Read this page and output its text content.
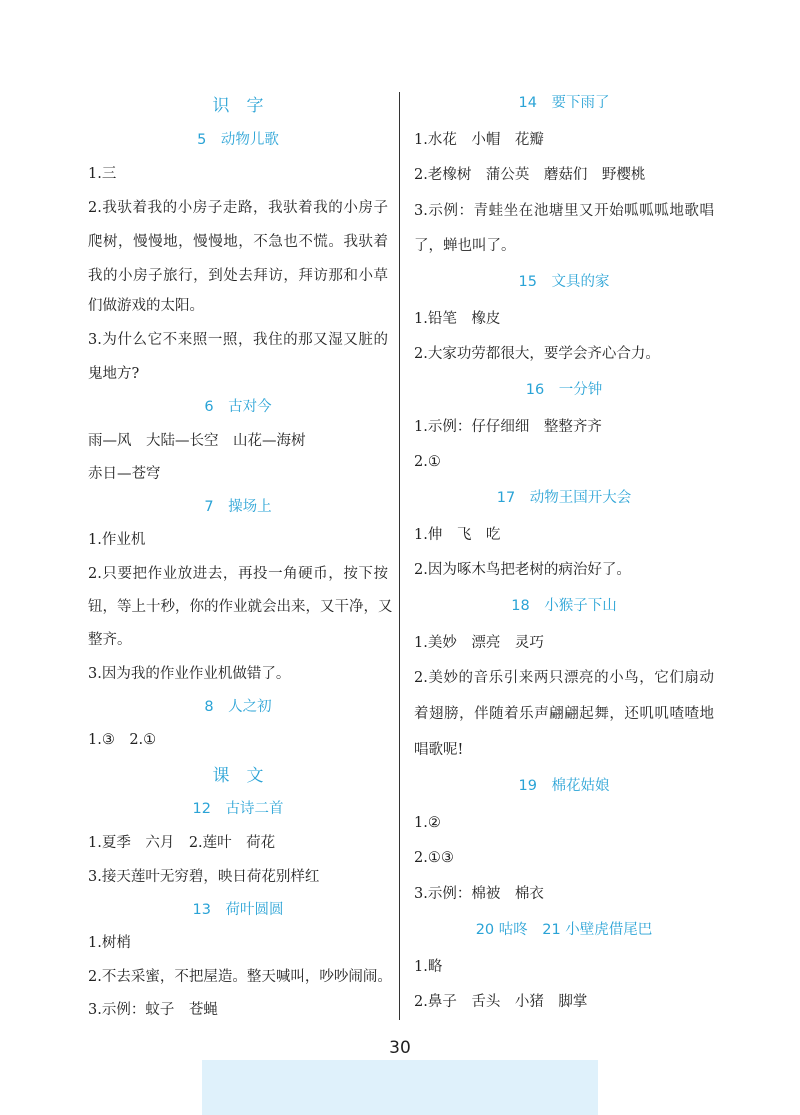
识　字
5　动物儿歌
1.三
2.我驮着我的小房子走路，我驮着我的小房子
爬树，慢慢地，慢慢地，不急也不慌。我驮着
我的小房子旅行，到处去拜访，拜访那和小草
们做游戏的太阳。
3.为什么它不来照一照，我住的那又湿又脏的
鬼地方?
6　古对今
雨—风　大陆—长空　山花—海树
赤日—苍穹
7　操场上
1.作业机
2.只要把作业放进去，再投一角硬币，按下按
钮，等上十秒，你的作业就会出来，又干净，又
整齐。
3.因为我的作业作业机做错了。
8　人之初
1.③　2.①
课　文
12　古诗二首
1.夏季　六月　2.莲叶　荷花
3.接天莲叶无穷碧，映日荷花别样红
13　荷叶圆圆
1.树梢
2.不去采蜜，不把屋造。整天喊叫，吵吵闹闹。
3.示例：蚊子　苍蝇
14　要下雨了
1.水花　小帽　花瓣
2.老橡树　蒲公英　蘑菇们　野樱桃
3.示例：青蛙坐在池塘里又开始呱呱呱地歌唱
了，蝉也叫了。
15　文具的家
1.铅笔　橡皮
2.大家功劳都很大，要学会齐心合力。
16　一分钟
1.示例：仔仔细细　整整齐齐
2.①
17　动物王国开大会
1.伸　飞　吃
2.因为啄木鸟把老树的病治好了。
18　小猴子下山
1.美妙　漂亮　灵巧
2.美妙的音乐引来两只漂亮的小鸟，它们扇动
着翅膀，伴随着乐声翩翩起舞，还叽叽喳喳地
唱歌呢!
19　棉花姑娘
1.②
2.①③
3.示例：棉被　棉衣
20 咕咚　21 小壁虎借尾巴
1.略
2.鼻子　舌头　小猪　脚掌
30
